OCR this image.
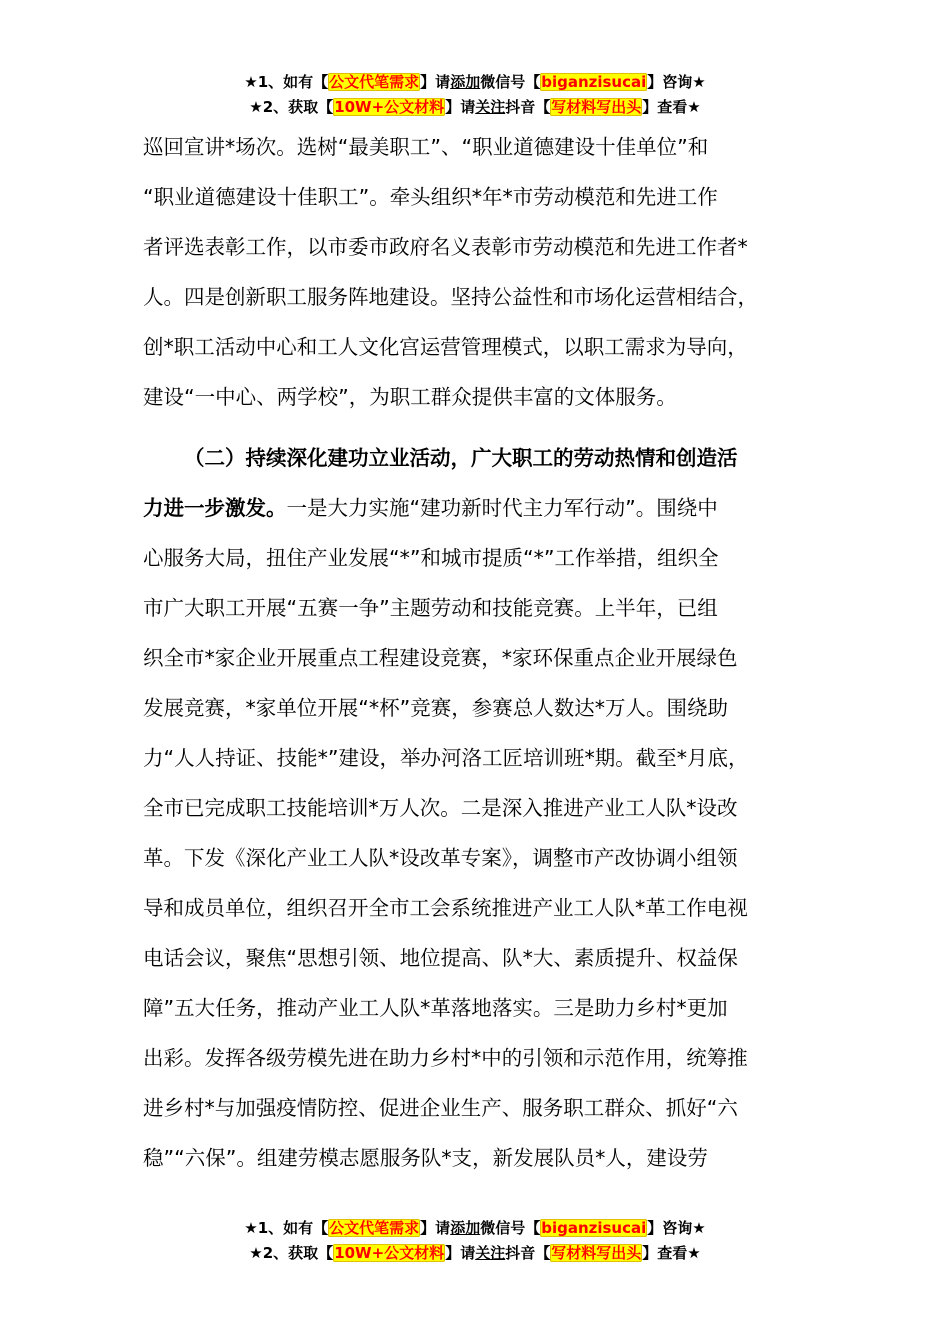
★1、如有【公文代笔需求】请添加微信号【biganzisucai】咨询★
★2、获取【10W+公文材料】请关注抖音【写材料写出头】查看★
巡回宣讲*场次。选树“最美职工”、“职业道德建设十佳单位”和
“职业道德建设十佳职工”。牵头组织*年*市劳动模范和先进工作
者评选表彰工作，以市委市政府名义表彰市劳动模范和先进工作者*
人。四是创新职工服务阵地建设。坚持公益性和市场化运营相结合，
创*职工活动中心和工人文化宫运营管理模式，以职工需求为导向，
建设“一中心、两学校”，为职工群众提供丰富的文体服务。
（二）持续深化建功立业活动，广大职工的劳动热情和创造活
力进一步激发。一是大力实施“建功新时代主力军行动”。围绕中
心服务大局，扭住产业发展“*”和城市提质“*”工作举措，组织全
市广大职工开展“五赛一争”主题劳动和技能竞赛。上半年，已组
织全市*家企业开展重点工程建设竞赛，*家环保重点企业开展绿色
发展竞赛，*家单位开展“*杯”竞赛，参赛总人数达*万人。围绕助
力“人人持证、技能*”建设，举办河洛工匠培训班*期。截至*月底，
全市已完成职工技能培训*万人次。二是深入推进产业工人队*设改
革。下发《深化产业工人队*设改革专案》，调整市产改协调小组领
导和成员单位，组织召开全市工会系统推进产业工人队*革工作电视
电话会议，聚焦“思想引领、地位提高、队*大、素质提升、权益保
障”五大任务，推动产业工人队*革落地落实。三是助力乡村*更加
出彩。发挥各级劳模先进在助力乡村*中的引领和示范作用，统筹推
进乡村*与加强疫情防控、促进企业生产、服务职工群众、抓好“六
稳”“六保”。组建劳模志愿服务队*支，新发展队员*人，建设劳
★1、如有【公文代笔需求】请添加微信号【biganzisucai】咨询★
★2、获取【10W+公文材料】请关注抖音【写材料写出头】查看★
